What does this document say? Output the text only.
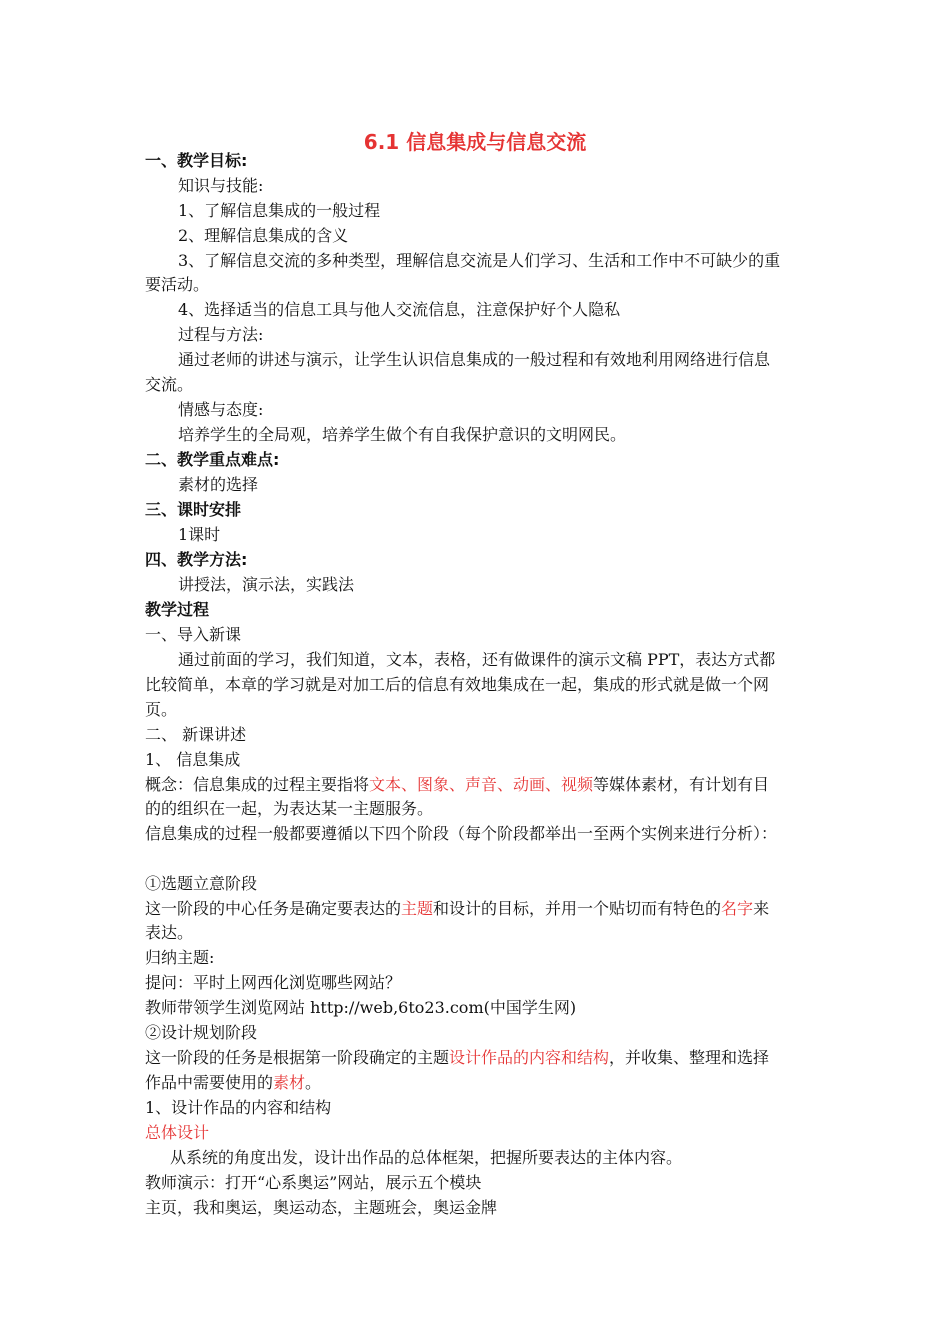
6.1 信息集成与信息交流
一、教学目标:
知识与技能:
1、了解信息集成的一般过程
2、理解信息集成的含义
3、了解信息交流的多种类型，理解信息交流是人们学习、生活和工作中不可缺少的重
要活动。
4、选择适当的信息工具与他人交流信息，注意保护好个人隐私
过程与方法:
通过老师的讲述与演示，让学生认识信息集成的一般过程和有效地利用网络进行信息
交流。
情感与态度:
培养学生的全局观，培养学生做个有自我保护意识的文明网民。
二、教学重点难点:
素材的选择
三、课时安排
1课时
四、教学方法:
讲授法，演示法，实践法
教学过程
一、导入新课
通过前面的学习，我们知道，文本，表格，还有做课件的演示文稿 PPT，表达方式都
比较简单，本章的学习就是对加工后的信息有效地集成在一起，集成的形式就是做一个网
页。
二、 新课讲述
1、 信息集成
概念：信息集成的过程主要指将文本、图象、声音、动画、视频等媒体素材，有计划有目
的的组织在一起，为表达某一主题服务。
信息集成的过程一般都要遵循以下四个阶段（每个阶段都举出一至两个实例来进行分析）：
①选题立意阶段
这一阶段的中心任务是确定要表达的主题和设计的目标，并用一个贴切而有特色的名字来
表达。
归纳主题:
提问：平时上网西化浏览哪些网站？
教师带领学生浏览网站 http://web,6to23.com(中国学生网)
②设计规划阶段
这一阶段的任务是根据第一阶段确定的主题设计作品的内容和结构，并收集、整理和选择
作品中需要使用的素材。
1、设计作品的内容和结构
总体设计
从系统的角度出发，设计出作品的总体框架，把握所要表达的主体内容。
教师演示：打开“心系奥运”网站，展示五个模块
主页，我和奥运，奥运动态，主题班会，奥运金牌
